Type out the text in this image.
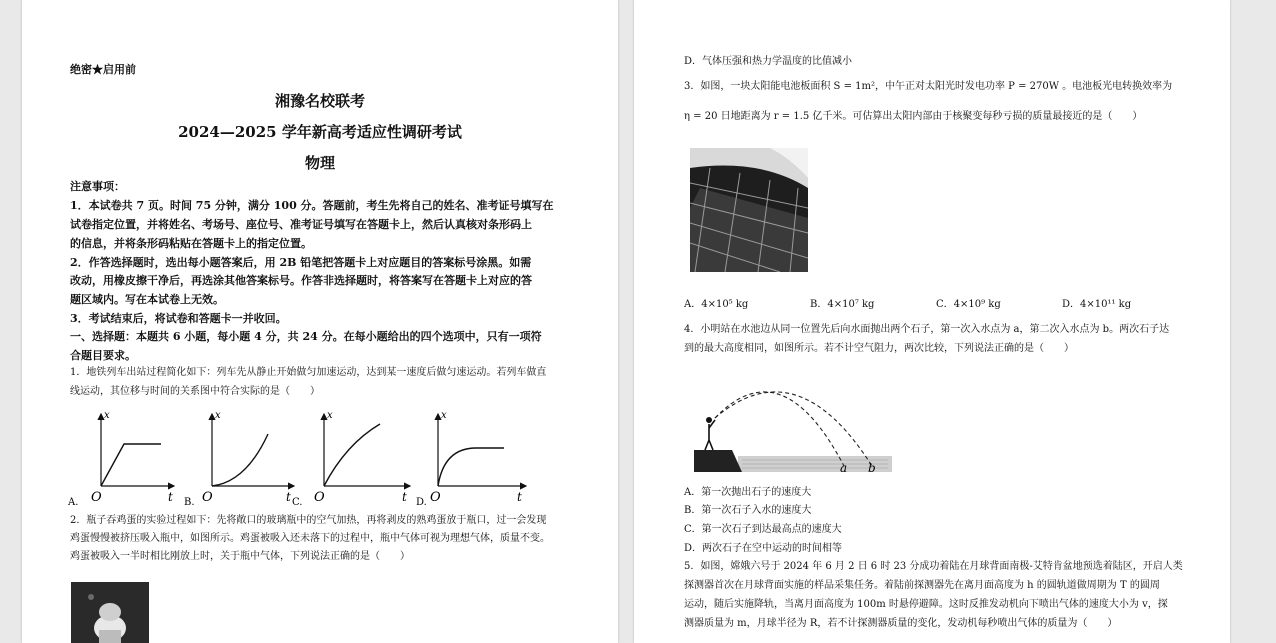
绝密★启用前
湘豫名校联考
2024—2025 学年新高考适应性调研考试
物理
注意事项：
1．本试卷共 7 页。时间 75 分钟，满分 100 分。答题前，考生先将自己的姓名、准考证号填写在
试卷指定位置，并将姓名、考场号、座位号、准考证号填写在答题卡上，然后认真核对条形码上
的信息，并将条形码粘贴在答题卡上的指定位置。
2．作答选择题时，选出每小题答案后，用 2B 铅笔把答题卡上对应题目的答案标号涂黑。如需
改动，用橡皮擦干净后，再选涂其他答案标号。作答非选择题时，将答案写在答题卡上对应的答
题区域内。写在本试卷上无效。
3．考试结束后，将试卷和答题卡一并收回。
一、选择题：本题共 6 小题，每小题 4 分，共 24 分。在每小题给出的四个选项中，只有一项符
合题目要求。
1．地铁列车出站过程简化如下：列车先从静止开始做匀加速运动，达到某一速度后做匀速运动。若列车做直
线运动，其位移与时间的关系图中符合实际的是（　　）
x
O	t
A.
x
O	t
B.
x
O	t
C.
x
O	t
D.
2．瓶子吞鸡蛋的实验过程如下：先将敞口的玻璃瓶中的空气加热，再将剥皮的熟鸡蛋放于瓶口，过一会发现
鸡蛋慢慢被挤压吸入瓶中，如图所示。鸡蛋被吸入还未落下的过程中，瓶中气体可视为理想气体，质量不变。
鸡蛋被吸入一半时相比刚放上时，关于瓶中气体，下列说法正确的是（　　）
D．气体压强和热力学温度的比值减小
3．如图，一块太阳能电池板面积 S = 1m²，中午正对太阳光时发电功率 P = 270W 。电池板光电转换效率为
η = 20 日地距离为 r = 1.5 亿千米。可估算出太阳内部由于核聚变每秒亏损的质量最接近的是（　　）
A．4×10⁵ kg	B．4×10⁷ kg	C．4×10⁹ kg	D．4×10¹¹ kg
4．小明站在水池边从同一位置先后向水面抛出两个石子，第一次入水点为 a，第二次入水点为 b。两次石子达
到的最大高度相同，如图所示。若不计空气阻力，两次比较，下列说法正确的是（　　）
a b
A．第一次抛出石子的速度大
B．第一次石子入水的速度大
C．第一次石子到达最高点的速度大
D．两次石子在空中运动的时间相等
5．如图，嫦娥六号于 2024 年 6 月 2 日 6 时 23 分成功着陆在月球背面南极-艾特肯盆地预选着陆区，开启人类
探测器首次在月球背面实施的样品采集任务。着陆前探测器先在离月面高度为 h 的圆轨道做周期为 T 的圆周
运动，随后实施降轨，当离月面高度为 100m 时悬停避障。这时反推发动机向下喷出气体的速度大小为 v，探
测器质量为 m，月球半径为 R，若不计探测器质量的变化，发动机每秒喷出气体的质量为（　　）
